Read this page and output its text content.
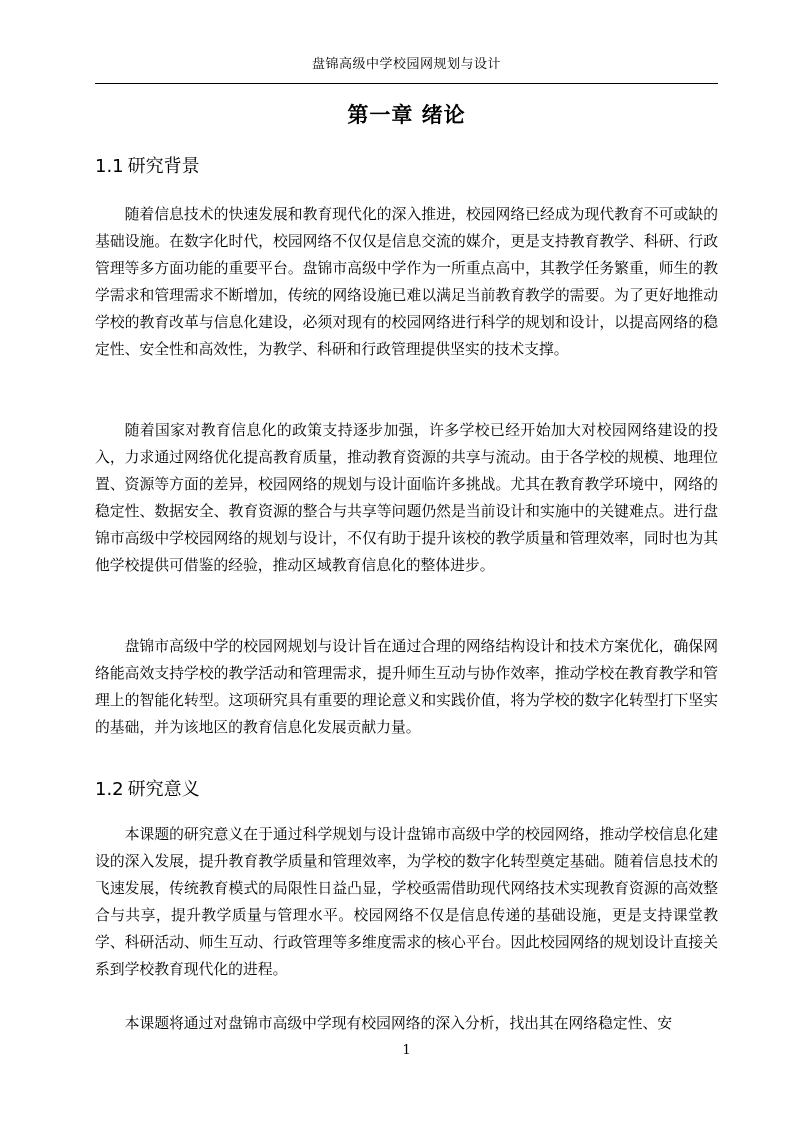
盘锦高级中学校园网规划与设计
第一章 绪论
1.1 研究背景

随着信息技术的快速发展和教育现代化的深入推进，校园网络已经成为现代教育不可或缺的基础设施。在数字化时代，校园网络不仅仅是信息交流的媒介，更是支持教育教学、科研、行政管理等多方面功能的重要平台。盘锦市高级中学作为一所重点高中，其教学任务繁重，师生的教学需求和管理需求不断增加，传统的网络设施已难以满足当前教育教学的需要。为了更好地推动学校的教育改革与信息化建设，必须对现有的校园网络进行科学的规划和设计，以提高网络的稳定性、安全性和高效性，为教学、科研和行政管理提供坚实的技术支撑。

随着国家对教育信息化的政策支持逐步加强，许多学校已经开始加大对校园网络建设的投入，力求通过网络优化提高教育质量，推动教育资源的共享与流动。由于各学校的规模、地理位置、资源等方面的差异，校园网络的规划与设计面临许多挑战。尤其在教育教学环境中，网络的稳定性、数据安全、教育资源的整合与共享等问题仍然是当前设计和实施中的关键难点。进行盘锦市高级中学校园网络的规划与设计，不仅有助于提升该校的教学质量和管理效率，同时也为其他学校提供可借鉴的经验，推动区域教育信息化的整体进步。

盘锦市高级中学的校园网规划与设计旨在通过合理的网络结构设计和技术方案优化，确保网络能高效支持学校的教学活动和管理需求，提升师生互动与协作效率，推动学校在教育教学和管理上的智能化转型。这项研究具有重要的理论意义和实践价值，将为学校的数字化转型打下坚实的基础，并为该地区的教育信息化发展贡献力量。

1.2 研究意义

本课题的研究意义在于通过科学规划与设计盘锦市高级中学的校园网络，推动学校信息化建设的深入发展，提升教育教学质量和管理效率，为学校的数字化转型奠定基础。随着信息技术的飞速发展，传统教育模式的局限性日益凸显，学校亟需借助现代网络技术实现教育资源的高效整合与共享，提升教学质量与管理水平。校园网络不仅是信息传递的基础设施，更是支持课堂教学、科研活动、师生互动、行政管理等多维度需求的核心平台。因此校园网络的规划设计直接关系到学校教育现代化的进程。

本课题将通过对盘锦市高级中学现有校园网络的深入分析，找出其在网络稳定性、安

1
